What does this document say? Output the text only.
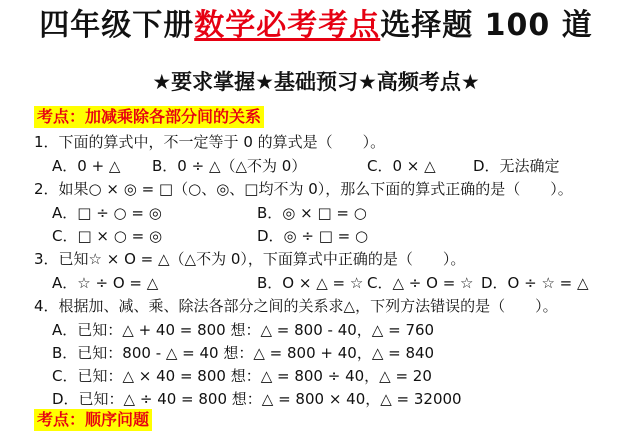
四年级下册数学必考考点选择题 100 道
★要求掌握★基础预习★高频考点★
考点：加减乘除各部分间的关系
1．下面的算式中，不一定等于 0 的算式是（　　）。
A．0 + △ B．0 ÷ △（△不为 0）	C．0 × △ D．无法确定
2．如果○ × ◎ = □（○、◎、□均不为 0），那么下面的算式正确的是（　　）。
A．□ ÷ ○ = ◎	B．◎ × □ = ○
C．□ × ○ = ◎	D．◎ ÷ □ = ○
3．已知☆ × O = △（△不为 0），下面算式中正确的是（　　）。
A．☆ ÷ O = △	B．O × △ = ☆ C．△ ÷ O = ☆ D．O ÷ ☆ = △
4．根据加、减、乘、除法各部分之间的关系求△，下列方法错误的是（　　）。
A．已知：△ + 40 = 800 想：△ = 800 - 40，△ = 760
B．已知：800 - △ = 40 想：△ = 800 + 40，△ = 840
C．已知：△ × 40 = 800 想：△ = 800 ÷ 40，△ = 20
D．已知：△ ÷ 40 = 800 想：△ = 800 × 40，△ = 32000
考点：顺序问题
